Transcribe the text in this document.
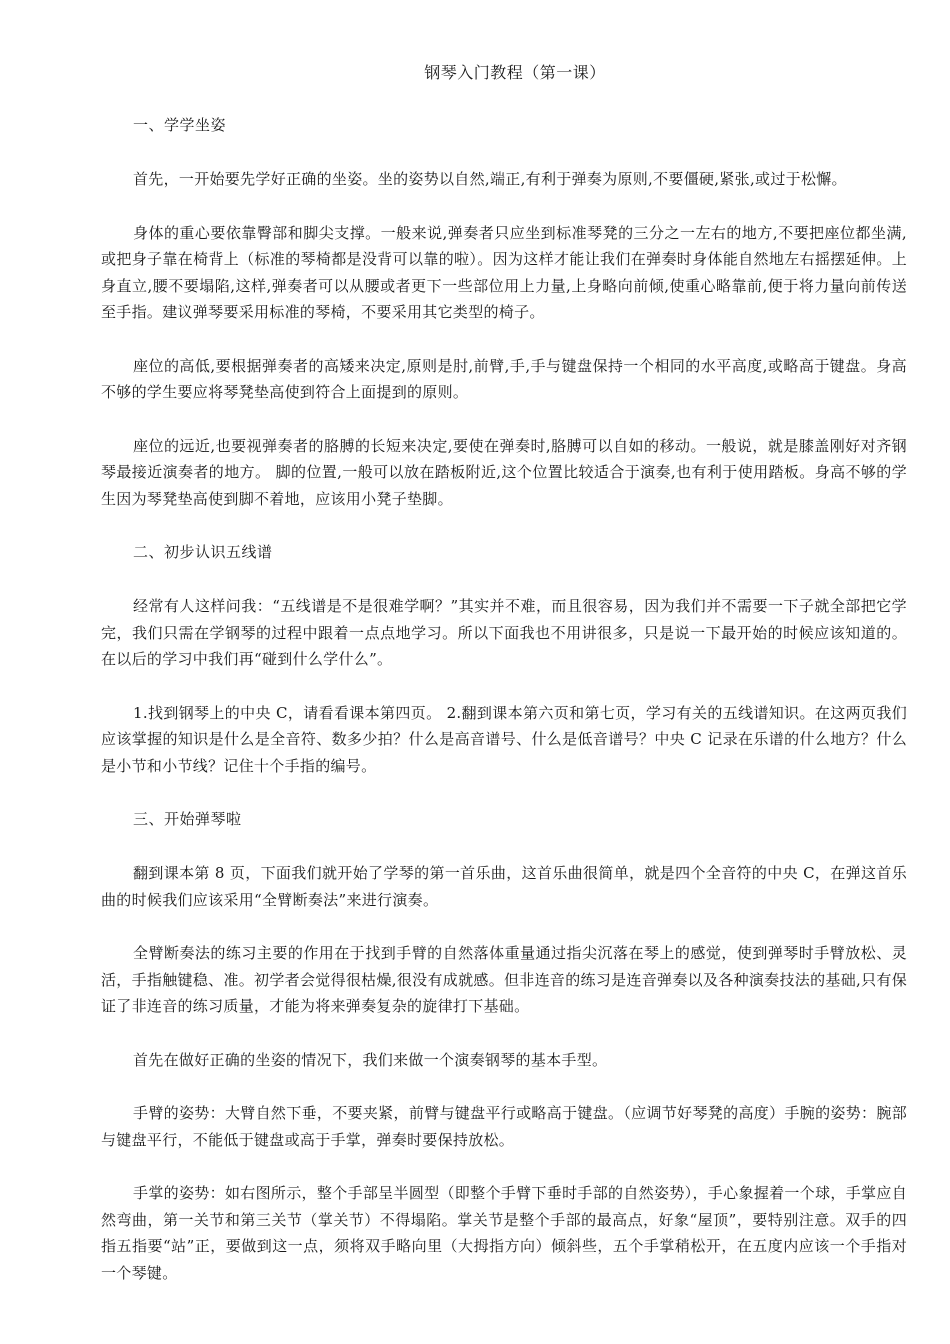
钢琴入门教程（第一课）

一、学学坐姿

首先，一开始要先学好正确的坐姿。坐的姿势以自然,端正,有利于弹奏为原则,不要僵硬,紧张,或过于松懈。

身体的重心要依靠臀部和脚尖支撑。一般来说,弹奏者只应坐到标准琴凳的三分之一左右的地方,不要把座位都坐满,或把身子靠在椅背上（标准的琴椅都是没背可以靠的啦）。因为这样才能让我们在弹奏时身体能自然地左右摇摆延伸。上身直立,腰不要塌陷,这样,弹奏者可以从腰或者更下一些部位用上力量,上身略向前倾,使重心略靠前,便于将力量向前传送至手指。建议弹琴要采用标准的琴椅，不要采用其它类型的椅子。

座位的高低,要根据弹奏者的高矮来决定,原则是肘,前臂,手,手与键盘保持一个相同的水平高度,或略高于键盘。身高不够的学生要应将琴凳垫高使到符合上面提到的原则。

座位的远近,也要视弹奏者的胳膊的长短来决定,要使在弹奏时,胳膊可以自如的移动。一般说，就是膝盖刚好对齐钢琴最接近演奏者的地方。 脚的位置,一般可以放在踏板附近,这个位置比较适合于演奏,也有利于使用踏板。身高不够的学生因为琴凳垫高使到脚不着地，应该用小凳子垫脚。

二、初步认识五线谱

经常有人这样问我：“五线谱是不是很难学啊？”其实并不难，而且很容易，因为我们并不需要一下子就全部把它学完，我们只需在学钢琴的过程中跟着一点点地学习。所以下面我也不用讲很多，只是说一下最开始的时候应该知道的。在以后的学习中我们再“碰到什么学什么”。

1.找到钢琴上的中央 C，请看看课本第四页。 2.翻到课本第六页和第七页，学习有关的五线谱知识。在这两页我们应该掌握的知识是什么是全音符、数多少拍？什么是高音谱号、什么是低音谱号？中央 C 记录在乐谱的什么地方？什么是小节和小节线？记住十个手指的编号。

三、开始弹琴啦

翻到课本第 8 页，下面我们就开始了学琴的第一首乐曲，这首乐曲很简单，就是四个全音符的中央 C，在弹这首乐曲的时候我们应该采用“全臂断奏法”来进行演奏。

全臂断奏法的练习主要的作用在于找到手臂的自然落体重量通过指尖沉落在琴上的感觉，使到弹琴时手臂放松、灵活，手指触键稳、准。初学者会觉得很枯燥,很没有成就感。但非连音的练习是连音弹奏以及各种演奏技法的基础,只有保证了非连音的练习质量，才能为将来弹奏复杂的旋律打下基础。

首先在做好正确的坐姿的情况下，我们来做一个演奏钢琴的基本手型。

手臂的姿势：大臂自然下垂，不要夹紧，前臂与键盘平行或略高于键盘。（应调节好琴凳的高度）手腕的姿势：腕部与键盘平行，不能低于键盘或高于手掌，弹奏时要保持放松。

手掌的姿势：如右图所示，整个手部呈半圆型（即整个手臂下垂时手部的自然姿势），手心象握着一个球，手掌应自然弯曲，第一关节和第三关节（掌关节）不得塌陷。掌关节是整个手部的最高点，好象“屋顶”，要特别注意。双手的四指五指要“站”正，要做到这一点，须将双手略向里（大拇指方向）倾斜些，五个手掌稍松开，在五度内应该一个手指对一个琴键。
